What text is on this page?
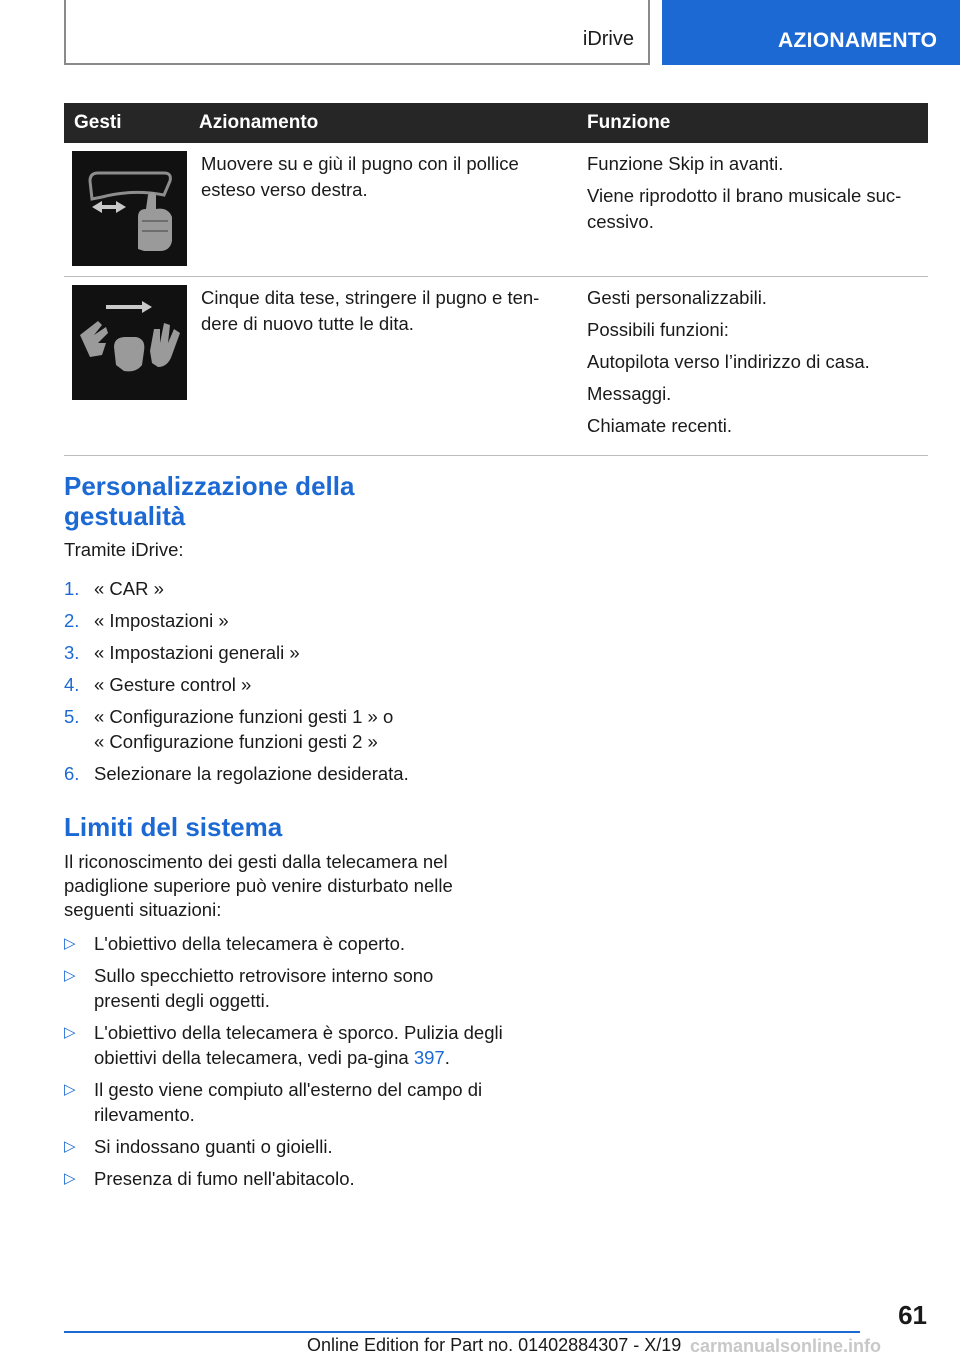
iDrive	AZIONAMENTO
Gesti	Azionamento	Funzione

	Muovere su e giù il pugno con il pollice esteso verso destra.	Funzione Skip in avanti.

Viene riprodotto il brano musicale suc-cessivo.

	Cinque dita tese, stringere il pugno e ten-dere di nuovo tutte le dita.	Gesti personalizzabili.

Possibili funzioni:

Autopilota verso l’indirizzo di casa.

Messaggi.

Chiamate recenti.

Personalizzazione della
gestualità
Tramite iDrive:
1. « CAR »
2. « Impostazioni »
3. « Impostazioni generali »
4. « Gesture control »
5. « Configurazione funzioni gesti 1 » o
« Configurazione funzioni gesti 2 »
6. Selezionare la regolazione desiderata.
Limiti del sistema
Il riconoscimento dei gesti dalla telecamera nel padiglione superiore può venire disturbato nelle seguenti situazioni:
▷ L'obiettivo della telecamera è coperto.
▷ Sullo specchietto retrovisore interno sono presenti degli oggetti.
▷ L'obiettivo della telecamera è sporco. Pulizia degli obiettivi della telecamera, vedi pa-gina 397.
▷ Il gesto viene compiuto all'esterno del campo di rilevamento.
▷ Si indossano guanti o gioielli.
▷ Presenza di fumo nell'abitacolo.
61
Online Edition for Part no. 01402884307 - X/19 carmanualsonline.info
